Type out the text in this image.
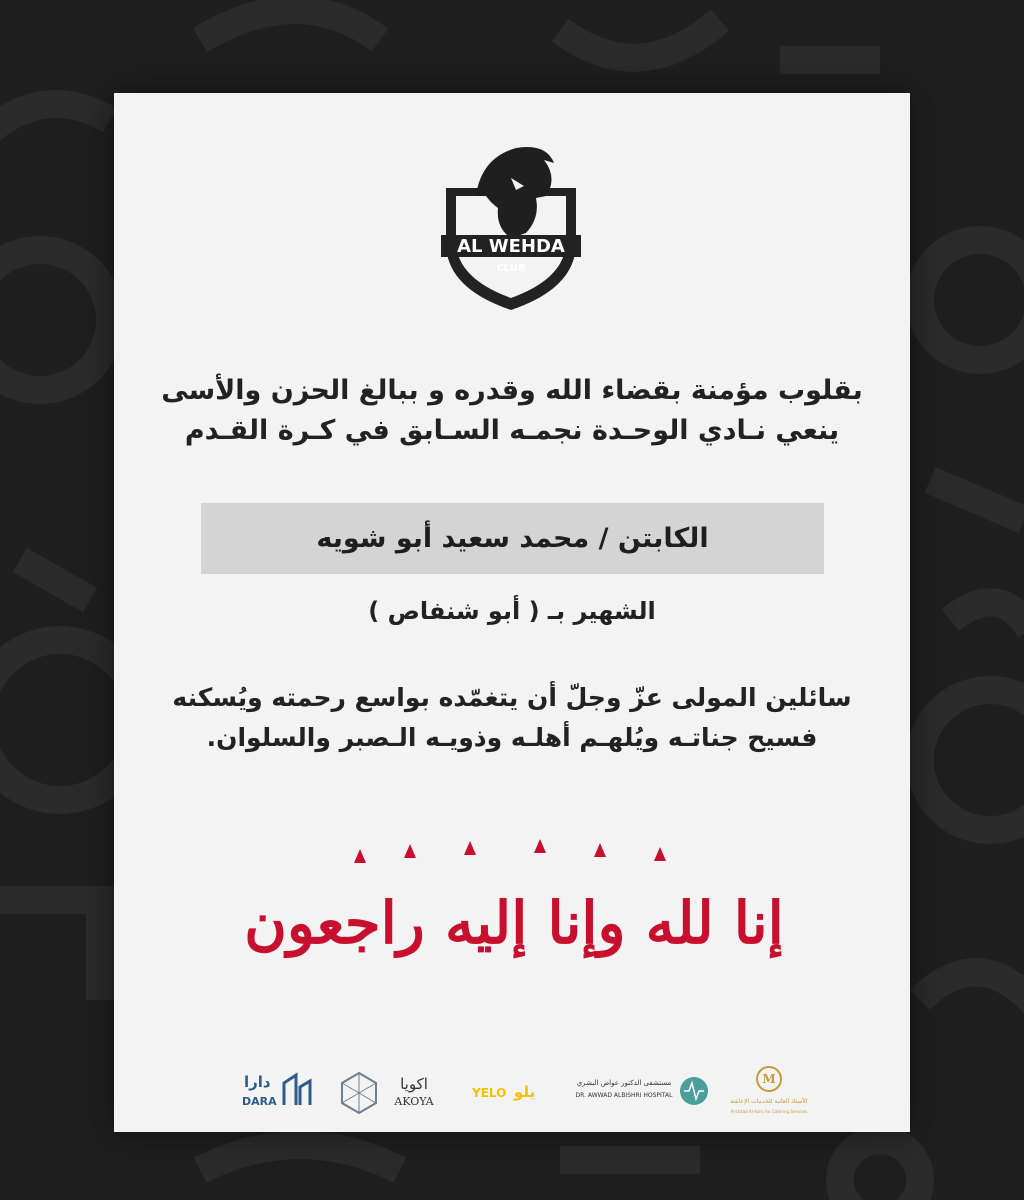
AL WEHDA
CLUB
بقلوب مؤمنة بقضاء الله وقدره و ببالغ الحزن والأسى
ينعي نـادي الوحـدة نجمـه السـابق في كـرة القـدم
الكابتن / محمد سعيد أبو شويه
الشهير بـ ( أبو شنفاص )
سائلين المولى عزّ وجلّ أن يتغمّده بواسع رحمته ويُسكنه
فسيح جناتـه ويُلهـم أهلـه وذويـه الـصبر والسلوان.
إنا لله وإنا إليه راجعون
دارا
DARA
اكويا
AKOYA
YELO يلو	مستشفى الدكتور عواض البشري
DR. AWWAD ALBISHRI HOSPITAL
M
الأستاذ العامة للخدمات الإعاشة
Al-Ustad Al-Aam For Catering Services
